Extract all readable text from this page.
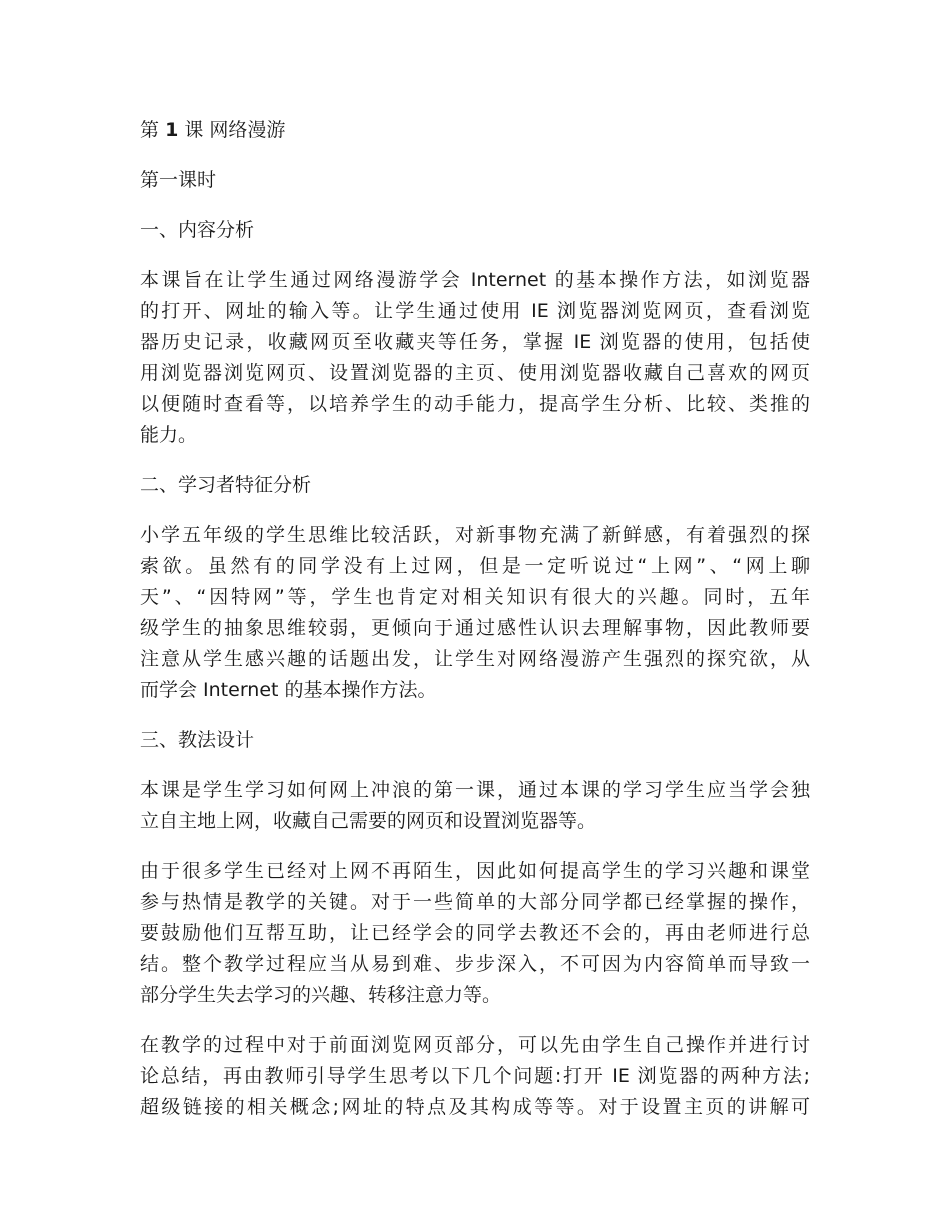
第 1 课 网络漫游

第一课时

一、内容分析

本课旨在让学生通过网络漫游学会 Internet 的基本操作方法，如浏览器

的打开、网址的输入等。让学生通过使用 IE 浏览器浏览网页，查看浏览

器历史记录，收藏网页至收藏夹等任务，掌握 IE 浏览器的使用，包括使

用浏览器浏览网页、设置浏览器的主页、使用浏览器收藏自己喜欢的网页

以便随时查看等，以培养学生的动手能力，提高学生分析、比较、类推的

能力。

二、学习者特征分析

小学五年级的学生思维比较活跃，对新事物充满了新鲜感，有着强烈的探

索欲。虽然有的同学没有上过网，但是一定听说过“上网”、“网上聊

天”、“因特网”等，学生也肯定对相关知识有很大的兴趣。同时，五年

级学生的抽象思维较弱，更倾向于通过感性认识去理解事物，因此教师要

注意从学生感兴趣的话题出发，让学生对网络漫游产生强烈的探究欲，从

而学会 Internet 的基本操作方法。

三、教法设计

本课是学生学习如何网上冲浪的第一课，通过本课的学习学生应当学会独

立自主地上网，收藏自己需要的网页和设置浏览器等。

由于很多学生已经对上网不再陌生，因此如何提高学生的学习兴趣和课堂

参与热情是教学的关键。对于一些简单的大部分同学都已经掌握的操作，

要鼓励他们互帮互助，让已经学会的同学去教还不会的，再由老师进行总

结。整个教学过程应当从易到难、步步深入，不可因为内容简单而导致一

部分学生失去学习的兴趣、转移注意力等。

在教学的过程中对于前面浏览网页部分，可以先由学生自己操作并进行讨

论总结，再由教师引导学生思考以下几个问题:打开 IE 浏览器的两种方法;

超级链接的相关概念;网址的特点及其构成等等。对于设置主页的讲解可
